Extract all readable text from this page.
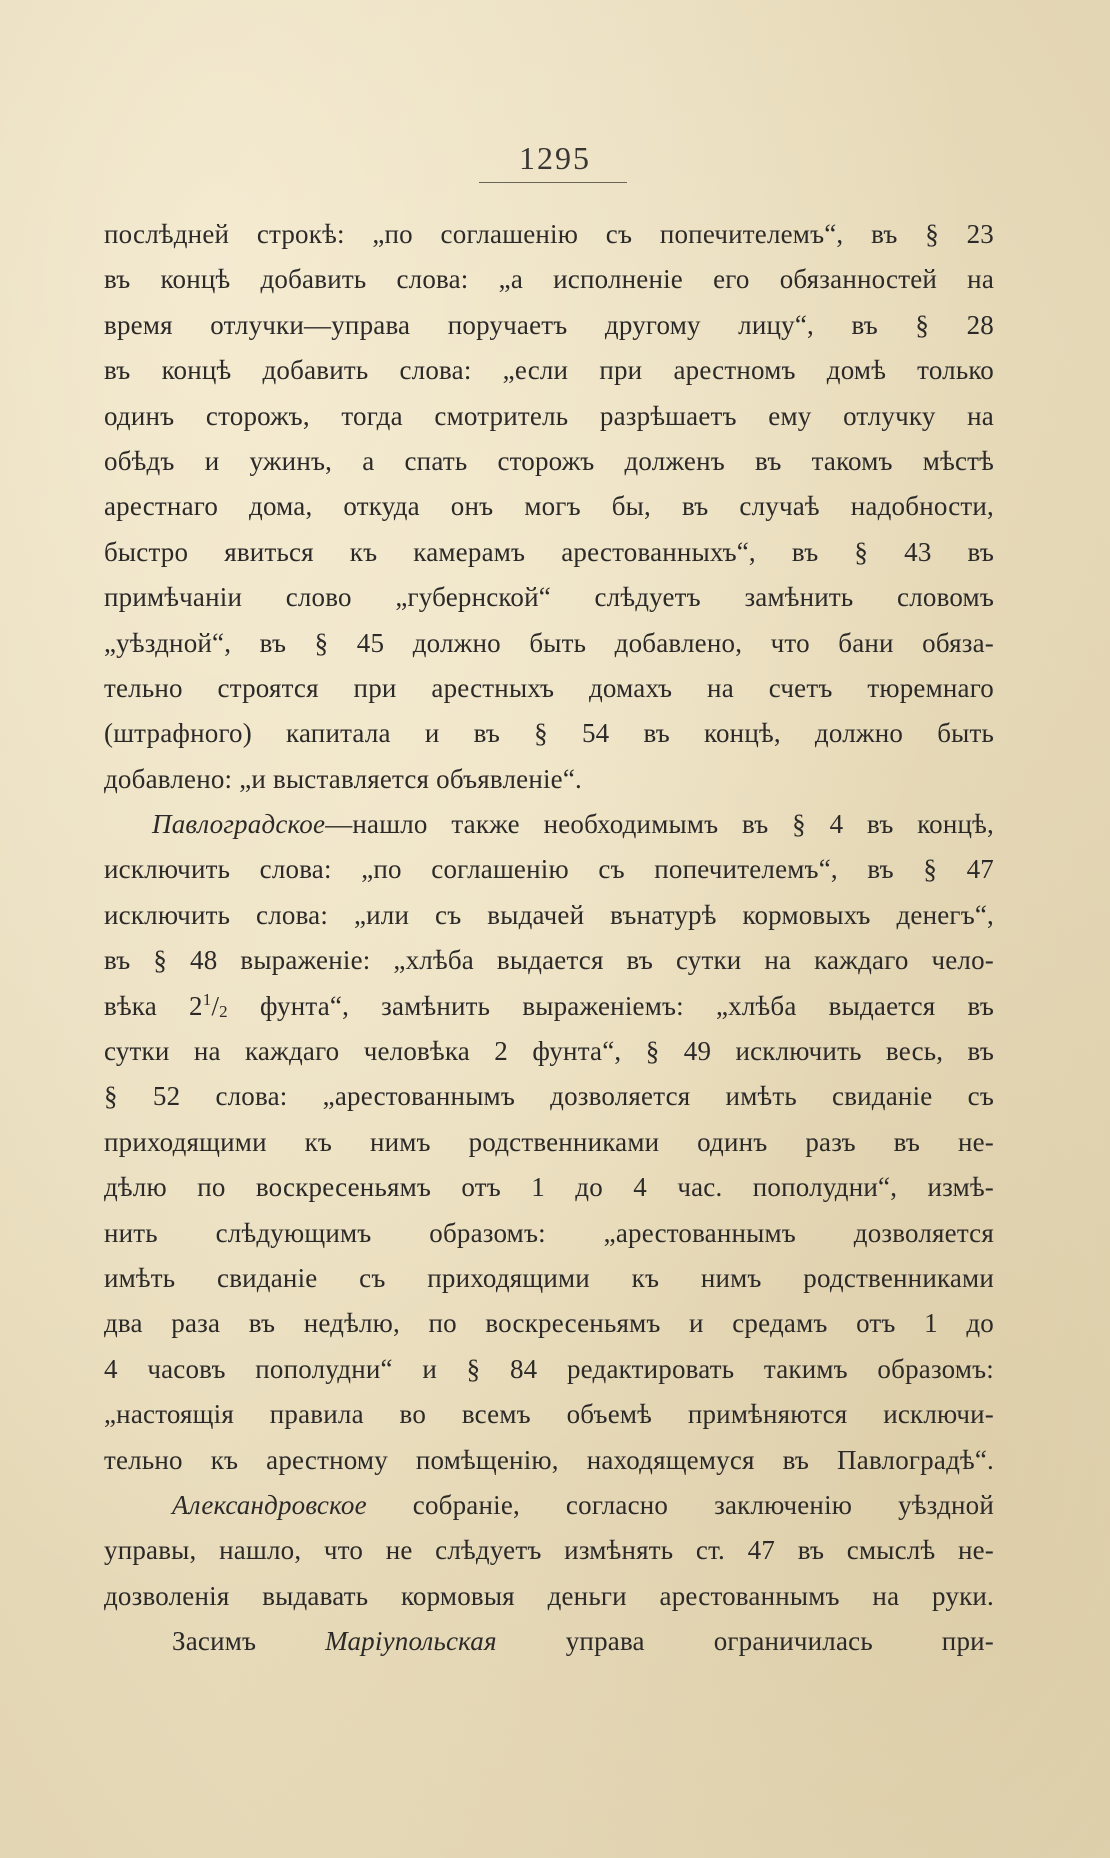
1295
послѣдней строкѣ: „по соглашенію съ попечителемъ“, въ § 23
въ концѣ добавить слова: „а исполненіе его обязанностей на
время отлучки—управа поручаетъ другому лицу“, въ § 28
въ концѣ добавить слова: „если при арестномъ домѣ только
одинъ сторожъ, тогда смотритель разрѣшаетъ ему отлучку на
обѣдъ и ужинъ, а спать сторожъ долженъ въ такомъ мѣстѣ
арестнаго дома, откуда онъ могъ бы, въ случаѣ надобности,
быстро явиться къ камерамъ арестованныхъ“, въ § 43 въ
примѣчаніи слово „губернской“ слѣдуетъ замѣнить словомъ
„уѣздной“, въ § 45 должно быть добавлено, что бани обяза-
тельно строятся при арестныхъ домахъ на счетъ тюремнаго
(штрафного) капитала и въ § 54 въ концѣ, должно быть
добавлено: „и выставляется объявленіе“.
Павлоградское—нашло также необходимымъ въ § 4 въ концѣ,
исключить слова: „по соглашенію съ попечителемъ“, въ § 47
исключить слова: „или съ выдачей вънатурѣ кормовыхъ денегъ“,
въ § 48 выраженіе: „хлѣба выдается въ сутки на каждаго чело-
вѣка $2^1/_2$ фунта“, замѣнить выраженіемъ: „хлѣба выдается въ
сутки на каждаго человѣка 2 фунта“, § 49 исключить весь, въ
§ 52 слова: „арестованнымъ дозволяется имѣть свиданіе съ
приходящими къ нимъ родственниками одинъ разъ въ не-
дѣлю по воскресеньямъ отъ 1 до 4 час. пополудни“, измѣ-
нить слѣдующимъ образомъ: „арестованнымъ дозволяется
имѣть свиданіе съ приходящими къ нимъ родственниками
два раза въ недѣлю, по воскресеньямъ и средамъ отъ 1 до
4 часовъ пополудни“ и § 84 редактировать такимъ образомъ:
„настоящія правила во всемъ объемѣ примѣняются исключи-
тельно къ арестному помѣщенію, находящемуся въ Павлоградѣ“.
Александровское собраніе, согласно заключенію уѣздной
управы, нашло, что не слѣдуетъ измѣнять ст. 47 въ смыслѣ не-
дозволенія выдавать кормовыя деньги арестованнымъ на руки.
Засимъ Маріупольская управа ограничилась при-
